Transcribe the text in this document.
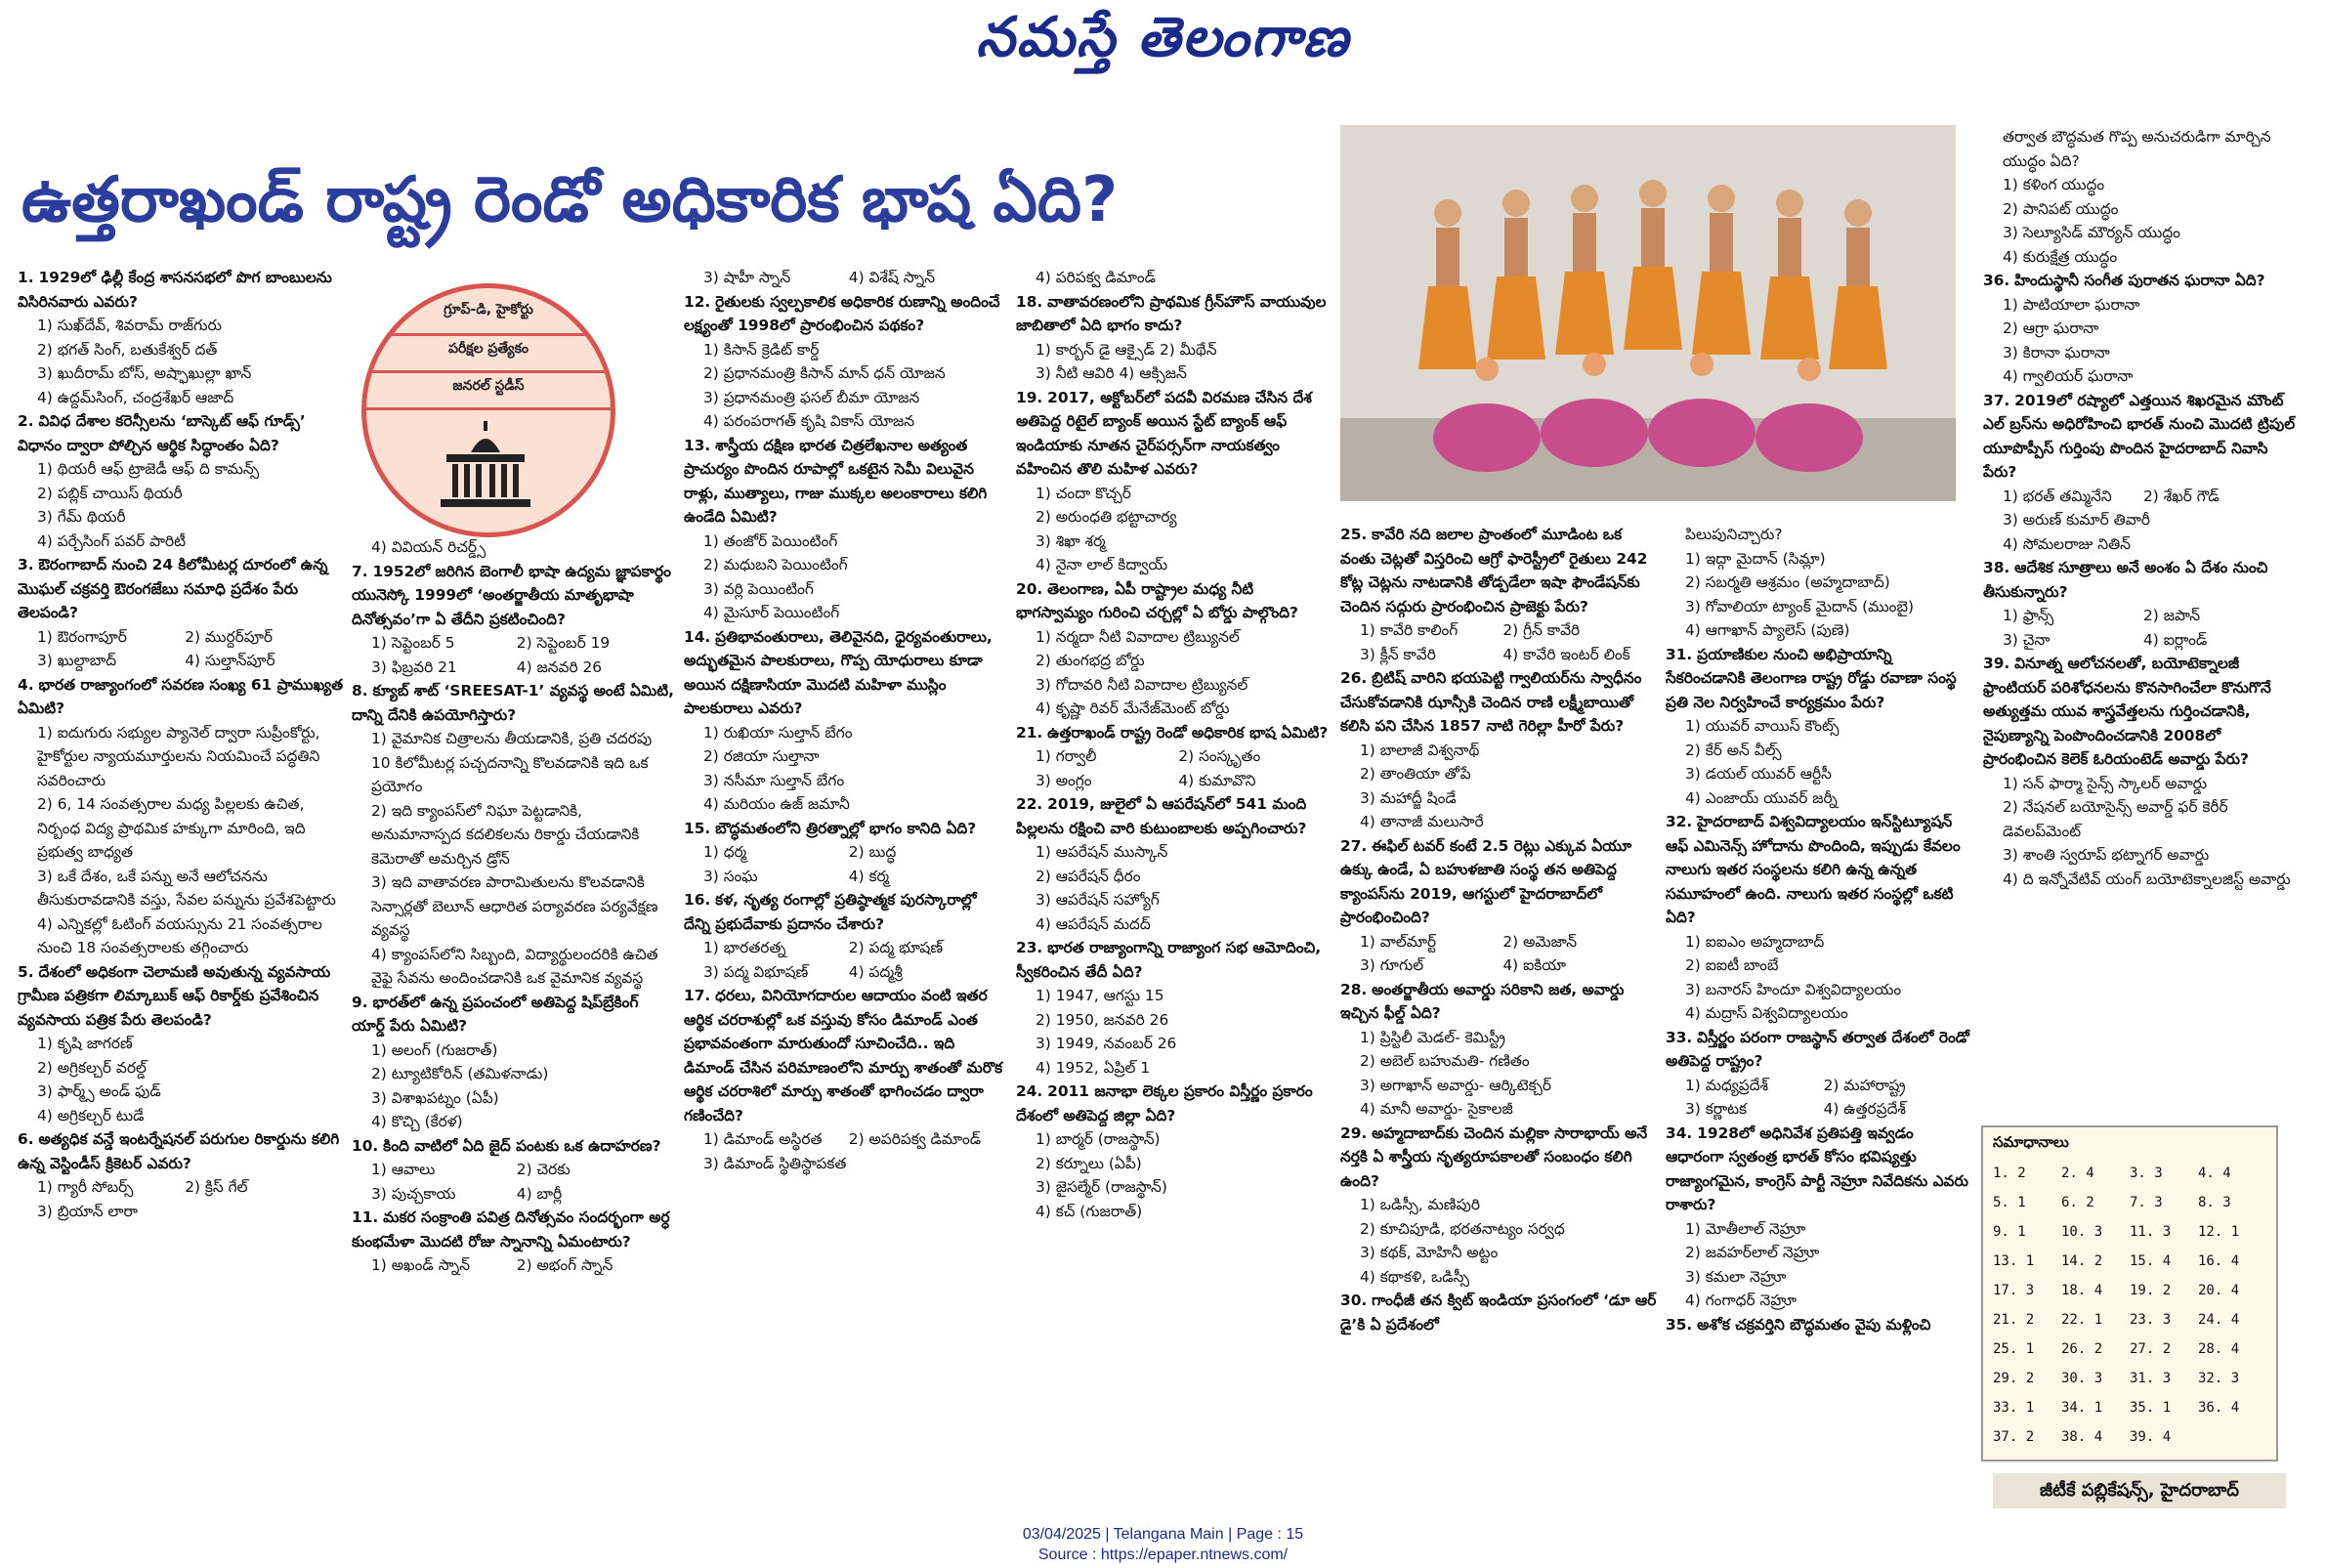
నమస్తే తెలంగాణ
ఉత్తరాఖండ్ రాష్ట్ర రెండో అధికారిక భాష ఏది?
1. 1929లో ఢిల్లీ కేంద్ర శాసనసభలో పొగ బాంబులను విసిరినవారు ఎవరు?
1) సుఖ్‌దేవ్, శివరామ్ రాజ్‌గురు
2) భగత్ సింగ్, బతుకేశ్వర్ దత్
3) ఖుదీరామ్ బోస్, అష్ఫాఖుల్లా ఖాన్
4) ఉద్దమ్‌సింగ్, చంద్రశేఖర్ ఆజాద్
2. వివిధ దేశాల కరెన్సీలను ‘బాస్కెట్ ఆఫ్ గూడ్స్’ విధానం ద్వారా పోల్చిన ఆర్థిక సిద్ధాంతం ఏది?
1) థియరీ ఆఫ్ ట్రాజెడీ ఆఫ్ ది కామన్స్
2) పబ్లిక్ చాయిస్ థియరీ
3) గేమ్ థియరీ
4) పర్చేసింగ్ పవర్ పారిటీ
3. ఔరంగాబాద్ నుంచి 24 కిలోమీటర్ల దూరంలో ఉన్న మొఘల్ చక్రవర్తి ఔరంగజేబు సమాధి ప్రదేశం పేరు తెలపండి?
1) ఔరంగాపూర్	2) ముర్దర్‌పూర్
3) ఖుల్దాబాద్	4) సుల్తాన్‌పూర్
4. భారత రాజ్యాంగంలో సవరణ సంఖ్య 61 ప్రాముఖ్యత ఏమిటి?
1) ఐదుగురు సభ్యుల ప్యానెల్ ద్వారా సుప్రీంకోర్టు, హైకోర్టుల న్యాయమూర్తులను నియమించే పద్ధతిని సవరించారు
2) 6, 14 సంవత్సరాల మధ్య పిల్లలకు ఉచిత, నిర్బంధ విద్య ప్రాథమిక హక్కుగా మారింది, ఇది ప్రభుత్వ బాధ్యత
3) ఒకే దేశం, ఒకే పన్ను అనే ఆలోచనను తీసుకురావడానికి వస్తు, సేవల పన్నును ప్రవేశపెట్టారు
4) ఎన్నికల్లో ఓటింగ్ వయస్సును 21 సంవత్సరాల నుంచి 18 సంవత్సరాలకు తగ్గించారు
5. దేశంలో అధికంగా చెలామణి అవుతున్న వ్యవసాయ గ్రామీణ పత్రికగా లిమ్కాబుక్ ఆఫ్ రికార్డ్‌కు ప్రవేశించిన వ్యవసాయ పత్రిక పేరు తెలపండి?
1) కృషి జాగరణ్
2) అగ్రికల్చర్ వరల్డ్
3) ఫార్మ్స్ అండ్ ఫుడ్
4) అగ్రికల్చర్ టుడే
6. అత్యధిక వన్డే ఇంటర్నేషనల్ పరుగుల రికార్డును కలిగి ఉన్న వెస్టిండీస్ క్రికెటర్ ఎవరు?
1) గ్యారీ సోబర్స్	2) క్రిస్ గేల్
3) బ్రియాన్ లారా
గ్రూప్-డి, హైకోర్టు
పరీక్షల ప్రత్యేకం
జనరల్ స్టడీస్
4) వివియన్ రిచర్డ్స్
7. 1952లో జరిగిన బెంగాలీ భాషా ఉద్యమ జ్ఞాపకార్థం యునెస్కో 1999లో ‘అంతర్జాతీయ మాతృభాషా దినోత్సవం’గా ఏ తేదీని ప్రకటించింది?
1) సెప్టెంబర్ 5	2) సెప్టెంబర్ 19
3) ఫిబ్రవరి 21	4) జనవరి 26
8. క్యూబ్ శాట్ ‘SREESAT-1’ వ్యవస్థ అంటే ఏమిటి, దాన్ని దేనికి ఉపయోగిస్తారు?
1) వైమానిక చిత్రాలను తీయడానికి, ప్రతి చదరపు 10 కిలోమీటర్ల పచ్చదనాన్ని కొలవడానికి ఇది ఒక ప్రయోగం
2) ఇది క్యాంపస్‌లో నిఘా పెట్టడానికి, అనుమానాస్పద కదలికలను రికార్డు చేయడానికి కెమెరాతో అమర్చిన డ్రోన్
3) ఇది వాతావరణ పారామితులను కొలవడానికి సెన్సార్లతో బెలూన్ ఆధారిత పర్యావరణ పర్యవేక్షణ వ్యవస్థ
4) క్యాంపస్‌లోని సిబ్బంది, విద్యార్థులందరికి ఉచిత వైఫై సేవను అందించడానికి ఒక వైమానిక వ్యవస్థ
9. భారత్‌లో ఉన్న ప్రపంచంలో అతిపెద్ద షిప్‌బ్రేకింగ్ యార్డ్ పేరు ఏమిటి?
1) అలంగ్ (గుజరాత్)
2) ట్యూటికోరిన్ (తమిళనాడు)
3) విశాఖపట్నం (ఏపీ)
4) కొచ్చి (కేరళ)
10. కింది వాటిలో ఏది జైద్ పంటకు ఒక ఉదాహరణ?
1) ఆవాలు	2) చెరకు
3) పుచ్చకాయ	4) బార్లీ
11. మకర సంక్రాంతి పవిత్ర దినోత్సవం సందర్భంగా అర్ధ కుంభమేళా మొదటి రోజు స్నానాన్ని ఏమంటారు?
1) అఖండ్ స్నాన్	2) అభంగ్ స్నాన్
3) షాహీ స్నాన్	4) విశేష్ స్నాన్
12. రైతులకు స్వల్పకాలిక అధికారిక రుణాన్ని అందించే లక్ష్యంతో 1998లో ప్రారంభించిన పథకం?
1) కిసాన్ క్రెడిట్ కార్డ్
2) ప్రధానమంత్రి కిసాన్ మాన్ ధన్ యోజన
3) ప్రధానమంత్రి ఫసల్ బీమా యోజన
4) పరంపరాగత్ కృషి వికాస్ యోజన
13. శాస్త్రీయ దక్షిణ భారత చిత్రలేఖనాల అత్యంత ప్రాచుర్యం పొందిన రూపాల్లో ఒకటైన సెమీ విలువైన రాళ్లు, ముత్యాలు, గాజు ముక్కల అలంకారాలు కలిగి ఉండేది ఏమిటి?
1) తంజోర్ పెయింటింగ్
2) మధుబని పెయింటింగ్
3) వర్లి పెయింటింగ్
4) మైసూర్ పెయింటింగ్
14. ప్రతిభావంతురాలు, తెలివైనది, ధైర్యవంతురాలు, అద్భుతమైన పాలకురాలు, గొప్ప యోధురాలు కూడా అయిన దక్షిణాసియా మొదటి మహిళా ముస్లిం పాలకురాలు ఎవరు?
1) రుఖియా సుల్తాన్ బేగం
2) రజియా సుల్తానా
3) నసీమా సుల్తాన్ బేగం
4) మరియం ఉజ్ జమానీ
15. బౌద్ధమతంలోని త్రిరత్నాల్లో భాగం కానిది ఏది?
1) ధర్మ	2) బుద్ధ
3) సంఘ	4) కర్మ
16. కళ, నృత్య రంగాల్లో ప్రతిష్ఠాత్మక పురస్కారాల్లో దేన్ని ప్రభుదేవాకు ప్రదానం చేశారు?
1) భారతరత్న	2) పద్మ భూషణ్
3) పద్మ విభూషణ్	4) పద్మశ్రీ
17. ధరలు, వినియోగదారుల ఆదాయం వంటి ఇతర ఆర్థిక చరరాశుల్లో ఒక వస్తువు కోసం డిమాండ్ ఎంత ప్రభావవంతంగా మారుతుందో సూచించేది.. ఇది డిమాండ్ చేసిన పరిమాణంలోని మార్పు శాతంతో మరొక ఆర్థిక చరరాశిలో మార్పు శాతంతో భాగించడం ద్వారా గణించేది?
1) డిమాండ్ అస్థిరత 2) అపరిపక్వ డిమాండ్
3) డిమాండ్ స్థితిస్థాపకత
4) పరిపక్వ డిమాండ్
18. వాతావరణంలోని ప్రాథమిక గ్రీన్‌హౌస్ వాయువుల జాబితాలో ఏది భాగం కాదు?
1) కార్బన్ డై ఆక్సైడ్ 2) మీథేన్
3) నీటి ఆవిరి 4) ఆక్సిజన్
19. 2017, అక్టోబర్‌లో పదవీ విరమణ చేసిన దేశ అతిపెద్ద రిటైల్ బ్యాంక్ అయిన స్టేట్ బ్యాంక్ ఆఫ్ ఇండియాకు నూతన చైర్‌పర్సన్‌గా నాయకత్వం వహించిన తొలి మహిళ ఎవరు?
1) చందా కొచ్చర్
2) అరుంధతి భట్టాచార్య
3) శిఖా శర్మ
4) నైనా లాల్ కిద్వాయ్
20. తెలంగాణ, ఏపీ రాష్ట్రాల మధ్య నీటి భాగస్వామ్యం గురించి చర్చల్లో ఏ బోర్డు పాల్గొంది?
1) నర్మదా నీటి వివాదాల ట్రిబ్యునల్
2) తుంగభద్ర బోర్డు
3) గోదావరి నీటి వివాదాల ట్రిబ్యునల్
4) కృష్ణా రివర్ మేనేజ్‌మెంట్ బోర్డు
21. ఉత్తరాఖండ్ రాష్ట్ర రెండో అధికారిక భాష ఏమిటి?
1) గర్వాలీ	2) సంస్కృతం
3) అంగ్లం	4) కుమావొని
22. 2019, జులైలో ఏ ఆపరేషన్‌లో 541 మంది పిల్లలను రక్షించి వారి కుటుంబాలకు అప్పగించారు?
1) ఆపరేషన్ ముస్కాన్
2) ఆపరేషన్ ధీరం
3) ఆపరేషన్ సహ్యోగ్
4) ఆపరేషన్ మదద్
23. భారత రాజ్యాంగాన్ని రాజ్యాంగ సభ ఆమోదించి, స్వీకరించిన తేదీ ఏది?
1) 1947, ఆగస్టు 15
2) 1950, జనవరి 26
3) 1949, నవంబర్ 26
4) 1952, ఏప్రిల్ 1
24. 2011 జనాభా లెక్కల ప్రకారం విస్తీర్ణం ప్రకారం దేశంలో అతిపెద్ద జిల్లా ఏది?
1) బార్మర్ (రాజస్థాన్)
2) కర్నూలు (ఏపీ)
3) జైసల్మేర్ (రాజస్థాన్)
4) కచ్ (గుజరాత్)
25. కావేరి నది జలాల ప్రాంతంలో మూడింట ఒక వంతు చెట్లతో విస్తరించి ఆగ్రో ఫారెస్ట్రీలో రైతులు 242 కోట్ల చెట్లను నాటడానికి తోడ్పడేలా ఇషా ఫౌండేషన్‌కు చెందిన సద్గురు ప్రారంభించిన ప్రాజెక్టు పేరు?
1) కావేరి కాలింగ్	2) గ్రీన్ కావేరి
3) క్లీన్ కావేరి	4) కావేరి ఇంటర్ లింక్
26. బ్రిటిష్ వారిని భయపెట్టి గ్వాలియర్‌ను స్వాధీనం చేసుకోవడానికి ఝాన్సీకి చెందిన రాణి లక్ష్మీబాయితో కలిసి పని చేసిన 1857 నాటి గెరిల్లా హీరో పేరు?
1) బాలాజీ విశ్వనాథ్
2) తాంతియా తోపే
3) మహాద్జీ షిండే
4) తానాజీ మలుసారే
27. ఈఫిల్ టవర్ కంటే 2.5 రెట్లు ఎక్కువ ఏయూ ఉక్కు ఉండే, ఏ బహుళజాతి సంస్థ తన అతిపెద్ద క్యాంపస్‌ను 2019, ఆగస్టులో హైదరాబాద్‌లో ప్రారంభించింది?
1) వాల్‌మార్ట్	2) అమెజాన్
3) గూగుల్	4) ఐకియా
28. అంతర్జాతీయ అవార్డు సరికాని జత, అవార్డు ఇచ్చిన ఫీల్డ్ ఏది?
1) ప్రిస్టిలీ మెడల్- కెమిస్ట్రీ
2) అబెల్ బహుమతి- గణితం
3) అగాఖాన్ అవార్డు- ఆర్కిటెక్చర్
4) మానీ అవార్డు- సైకాలజీ
29. అహ్మదాబాద్‌కు చెందిన మల్లికా సారాభాయ్ అనే నర్తకి ఏ శాస్త్రీయ నృత్యరూపకాలతో సంబంధం కలిగి ఉంది?
1) ఒడిస్సీ, మణిపురి
2) కూచిపూడి, భరతనాట్యం సర్వధ
3) కథక్, మోహినీ అట్టం
4) కథాకళి, ఒడిస్సీ
30. గాంధీజీ తన క్విట్ ఇండియా ప్రసంగంలో ‘డూ ఆర్ డై’కి ఏ ప్రదేశంలో
పిలుపునిచ్చారు?
1) ఇద్గా మైదాన్ (సిమ్లా)
2) సబర్మతి ఆశ్రమం (అహ్మదాబాద్)
3) గోవాలియా ట్యాంక్ మైదాన్ (ముంబై)
4) ఆగాఖాన్ ప్యాలెస్ (పుణె)
31. ప్రయాణికుల నుంచి అభిప్రాయాన్ని సేకరించడానికి తెలంగాణ రాష్ట్ర రోడ్డు రవాణా సంస్థ ప్రతి నెల నిర్వహించే కార్యక్రమం పేరు?
1) యువర్ వాయిస్ కౌంట్స్
2) కేర్ అన్ వీల్స్
3) డయల్ యువర్ ఆర్టీసీ
4) ఎంజాయ్ యువర్ జర్నీ
32. హైదరాబాద్ విశ్వవిద్యాలయం ఇన్‌స్టిట్యూషన్ ఆఫ్ ఎమినెన్స్ హోదాను పొందింది, ఇప్పుడు కేవలం నాలుగు ఇతర సంస్థలను కలిగి ఉన్న ఉన్నత సమూహంలో ఉంది. నాలుగు ఇతర సంస్థల్లో ఒకటి ఏది?
1) ఐఐఎం అహ్మదాబాద్
2) ఐఐటీ బాంబే
3) బనారస్ హిందూ విశ్వవిద్యాలయం
4) మద్రాస్ విశ్వవిద్యాలయం
33. విస్తీర్ణం పరంగా రాజస్థాన్ తర్వాత దేశంలో రెండో అతిపెద్ద రాష్ట్రం?
1) మధ్యప్రదేశ్	2) మహారాష్ట్ర
3) కర్ణాటక	4) ఉత్తరప్రదేశ్
34. 1928లో అధినివేశ ప్రతిపత్తి ఇవ్వడం ఆధారంగా స్వతంత్ర భారత్ కోసం భవిష్యత్తు రాజ్యాంగమైన, కాంగ్రెస్ పార్టీ నెహ్రూ నివేదికను ఎవరు రాశారు?
1) మోతీలాల్ నెహ్రూ
2) జవహర్‌లాల్ నెహ్రూ
3) కమలా నెహ్రూ
4) గంగాధర్ నెహ్రూ
35. అశోక చక్రవర్తిని బౌద్ధమతం వైపు మళ్లించి
తర్వాత బౌద్ధమత గొప్ప అనుచరుడిగా మార్చిన యుద్ధం ఏది?
1) కళింగ యుద్ధం
2) పానిపట్ యుద్ధం
3) సెల్యూసిడ్ మౌర్యన్ యుద్ధం
4) కురుక్షేత్ర యుద్ధం
36. హిందుస్థానీ సంగీత పురాతన ఘరానా ఏది?
1) పాటియాలా ఘరానా
2) ఆగ్రా ఘరానా
3) కిరానా ఘరానా
4) గ్వాలియర్ ఘరానా
37. 2019లో రష్యాలో ఎత్తయిన శిఖరమైన మౌంట్ ఎల్ బ్రస్‌ను అధిరోహించి భారత్ నుంచి మొదటి ట్రిపుల్ యూపొప్పీస్ గుర్తింపు పొందిన హైదరాబాద్ నివాసి పేరు?
1) భరత్ తమ్మినేని 2) శేఖర్ గౌడ్
3) అరుణ్ కుమార్ తివారీ
4) సోమలరాజు నితిన్
38. ఆదేశిక సూత్రాలు అనే అంశం ఏ దేశం నుంచి తీసుకున్నారు?
1) ఫ్రాన్స్	2) జపాన్
3) చైనా	4) ఐర్లాండ్
39. వినూత్న ఆలోచనలతో, బయోటెక్నాలజీ ఫ్రాంటియర్ పరిశోధనలను కొనసాగించేలా కొనుగొనే అత్యుత్తమ యువ శాస్త్రవేత్తలను గుర్తించడానికి, నైపుణ్యాన్ని పెంపొందించడానికి 2008లో ప్రారంభించిన కెలెక్ ఓరియంటెడ్ అవార్డు పేరు?
1) సన్ ఫార్మా సైన్స్ స్కాలర్ అవార్డు
2) నేషనల్ బయోసైన్స్ అవార్డ్ ఫర్ కెరీర్ డెవలప్‌మెంట్
3) శాంతి స్వరూప్ భట్నాగర్ అవార్డు
4) ది ఇన్నోవేటివ్ యంగ్ బయోటెక్నాలజిస్ట్ అవార్డు
సమాధానాలు
1. 2	2. 4	3. 3	4. 4
5. 1	6. 2	7. 3	8. 3
9. 1	10. 3	11. 3	12. 1
13. 1	14. 2	15. 4	16. 4
17. 3	18. 4	19. 2	20. 4
21. 2	22. 1	23. 3	24. 4
25. 1	26. 2	27. 2	28. 4
29. 2	30. 3	31. 3	32. 3
33. 1	34. 1	35. 1	36. 4
37. 2	38. 4	39. 4	
జీటీకే పబ్లికేషన్స్, హైదరాబాద్
03/04/2025 | Telangana Main | Page : 15
Source : https://epaper.ntnews.com/
